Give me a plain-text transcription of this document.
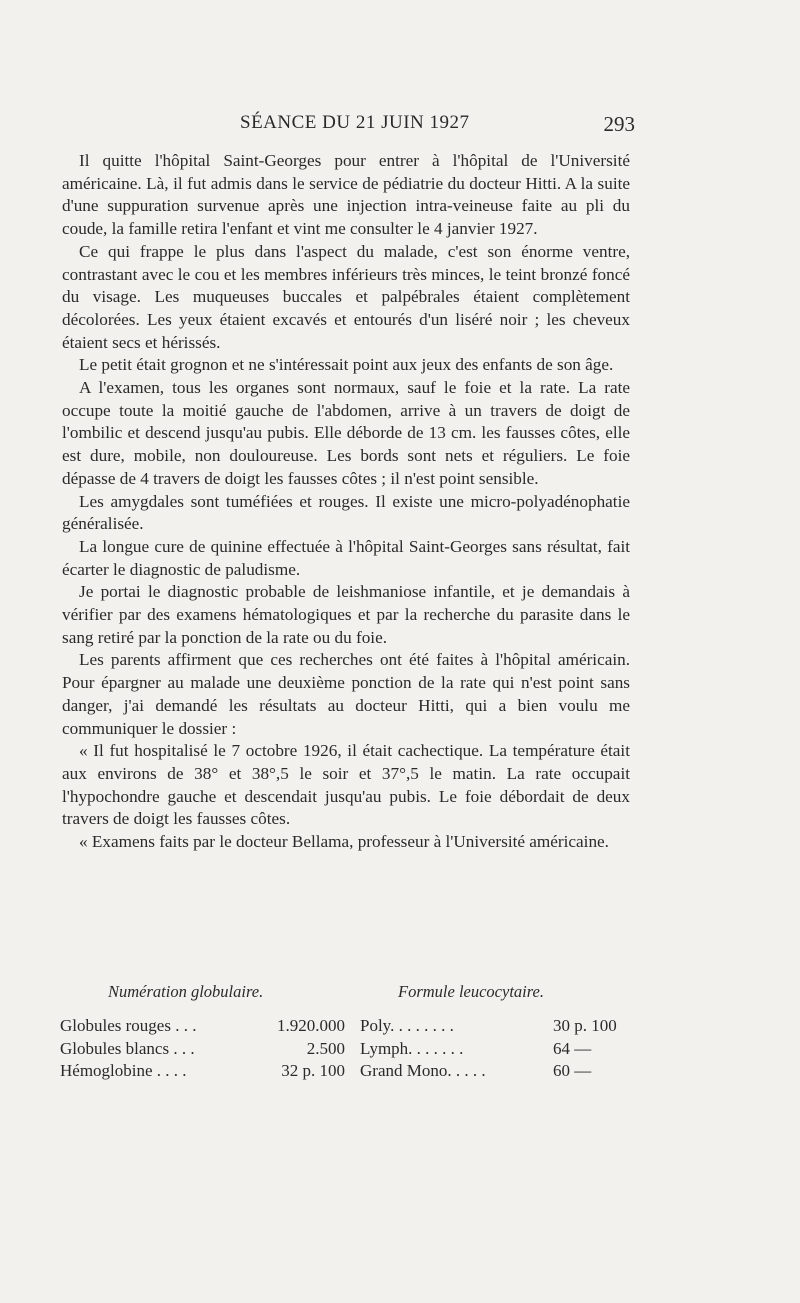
SÉANCE DU 21 JUIN 1927	293

Il quitte l'hôpital Saint-Georges pour entrer à l'hôpital de l'Université américaine. Là, il fut admis dans le service de pédiatrie du docteur Hitti. A la suite d'une suppuration survenue après une injection intra-veineuse faite au pli du coude, la famille retira l'enfant et vint me consulter le 4 janvier 1927.

Ce qui frappe le plus dans l'aspect du malade, c'est son énorme ventre, contrastant avec le cou et les membres inférieurs très minces, le teint bronzé foncé du visage. Les muqueuses buccales et palpébrales étaient complètement décolorées. Les yeux étaient excavés et entourés d'un liséré noir ; les cheveux étaient secs et hérissés.

Le petit était grognon et ne s'intéressait point aux jeux des enfants de son âge.

A l'examen, tous les organes sont normaux, sauf le foie et la rate. La rate occupe toute la moitié gauche de l'abdomen, arrive à un travers de doigt de l'ombilic et descend jusqu'au pubis. Elle déborde de 13 cm. les fausses côtes, elle est dure, mobile, non douloureuse. Les bords sont nets et réguliers. Le foie dépasse de 4 travers de doigt les fausses côtes ; il n'est point sensible.

Les amygdales sont tuméfiées et rouges. Il existe une micro-polyadénophatie généralisée.

La longue cure de quinine effectuée à l'hôpital Saint-Georges sans résultat, fait écarter le diagnostic de paludisme.

Je portai le diagnostic probable de leishmaniose infantile, et je demandais à vérifier par des examens hématologiques et par la recherche du parasite dans le sang retiré par la ponction de la rate ou du foie.

Les parents affirment que ces recherches ont été faites à l'hôpital américain. Pour épargner au malade une deuxième ponction de la rate qui n'est point sans danger, j'ai demandé les résultats au docteur Hitti, qui a bien voulu me communiquer le dossier :

« Il fut hospitalisé le 7 octobre 1926, il était cachectique. La température était aux environs de 38° et 38°,5 le soir et 37°,5 le matin. La rate occupait l'hypochondre gauche et descendait jusqu'au pubis. Le foie débordait de deux travers de doigt les fausses côtes.

« Examens faits par le docteur Bellama, professeur à l'Université américaine.

Numération globulaire.	Formule leucocytaire.
Globules rouges . . .	1.920.000 Poly. . . . . . . .	30 p. 100
Globules blancs . . .	2.500 Lymph. . . . . . .	64 —
Hémoglobine . . . .	32 p. 100 Grand Mono. . . . .	60 —
